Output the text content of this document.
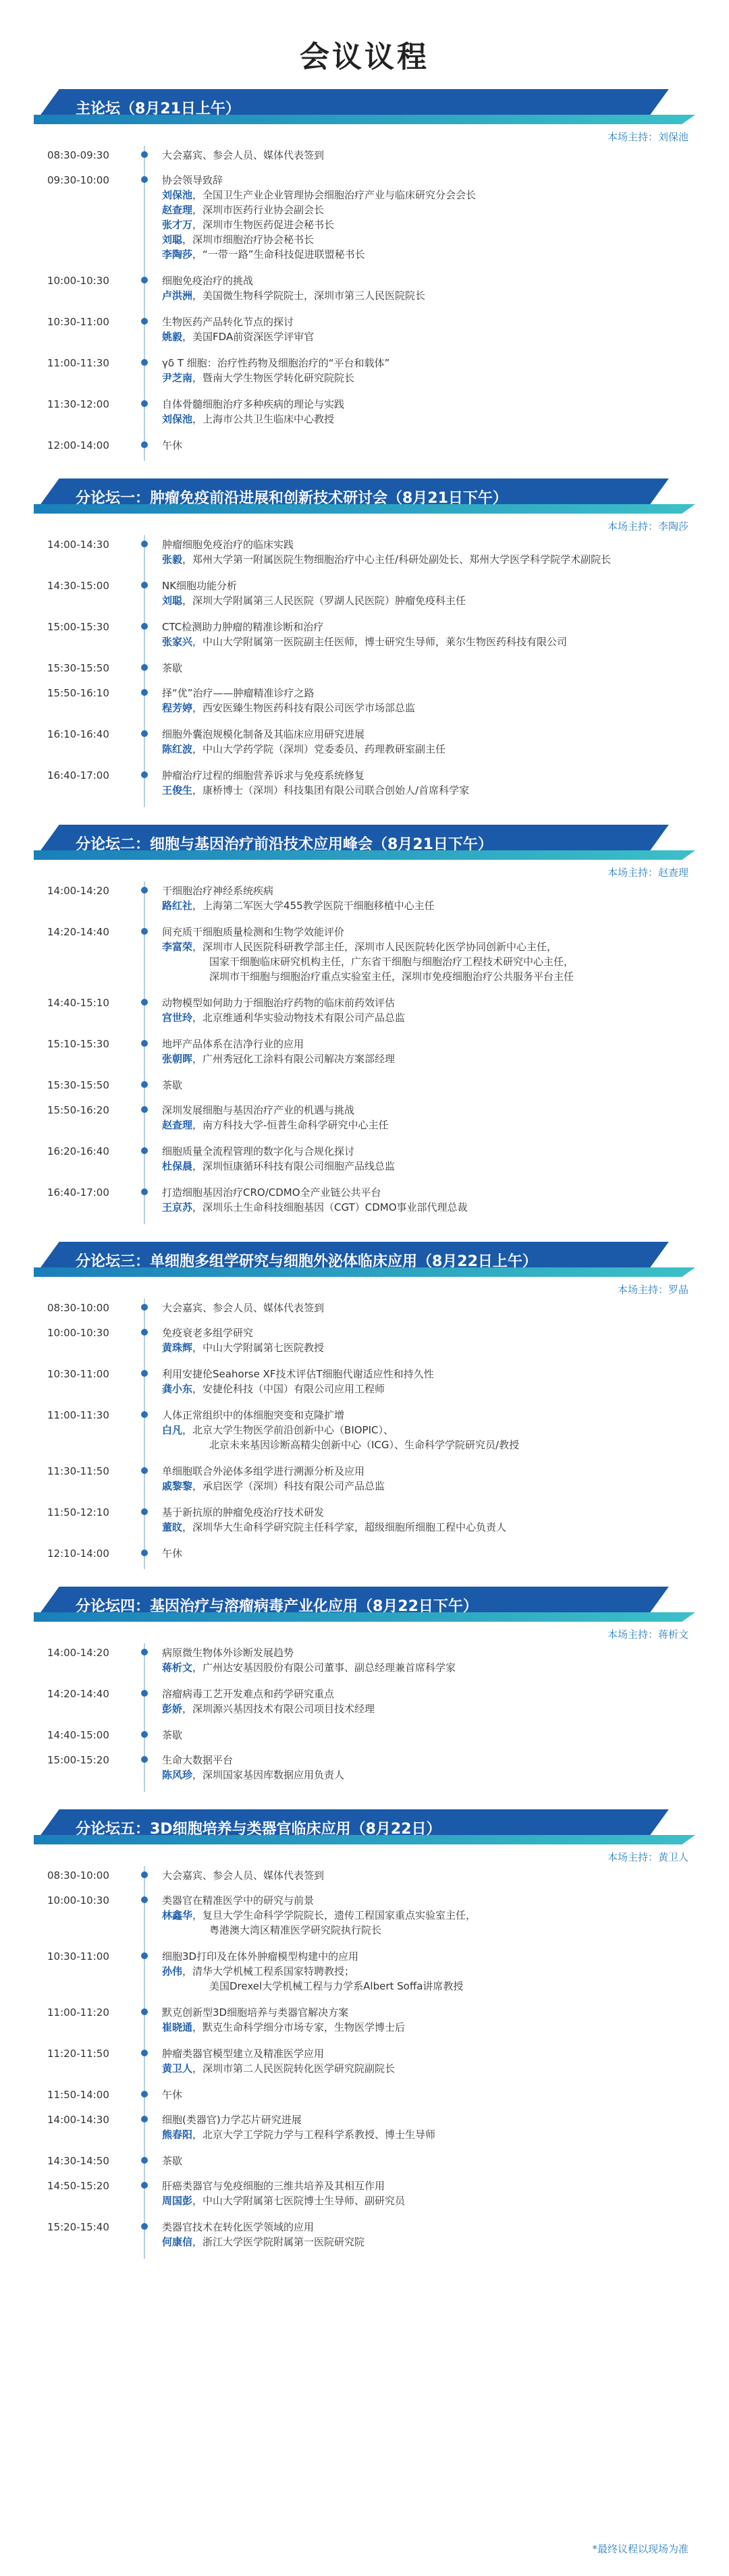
会议议程
主论坛（8月21日上午）
本场主持：刘保池
08:30-09:30	大会嘉宾、参会人员、媒体代表签到
09:30-10:00	协会领导致辞
刘保池，全国卫生产业企业管理协会细胞治疗产业与临床研究分会会长
赵查理，深圳市医药行业协会副会长
张才万，深圳市生物医药促进会秘书长
刘聪，深圳市细胞治疗协会秘书长
李陶莎，“一带一路”生命科技促进联盟秘书长
10:00-10:30	细胞免疫治疗的挑战
卢洪洲，美国微生物科学院院士，深圳市第三人民医院院长
10:30-11:00	生物医药产品转化节点的探讨
姚毅，美国FDA前资深医学评审官
11:00-11:30	γδ T 细胞：治疗性药物及细胞治疗的“平台和载体”
尹芝南，暨南大学生物医学转化研究院院长
11:30-12:00	自体骨髓细胞治疗多种疾病的理论与实践
刘保池，上海市公共卫生临床中心教授
12:00-14:00	午休
分论坛一：肿瘤免疫前沿进展和创新技术研讨会（8月21日下午）
本场主持：李陶莎
14:00-14:30	肿瘤细胞免疫治疗的临床实践
张毅，郑州大学第一附属医院生物细胞治疗中心主任/科研处副处长、郑州大学医学科学院学术副院长
14:30-15:00	NK细胞功能分析
刘聪，深圳大学附属第三人民医院（罗湖人民医院）肿瘤免疫科主任
15:00-15:30	CTC检测助力肿瘤的精准诊断和治疗
张家兴，中山大学附属第一医院副主任医师，博士研究生导师，莱尔生物医药科技有限公司
15:30-15:50	茶歇
15:50-16:10	择“优”治疗——肿瘤精准诊疗之路
程芳婷，西安医臻生物医药科技有限公司医学市场部总监
16:10-16:40	细胞外囊泡规模化制备及其临床应用研究进展
陈红波，中山大学药学院（深圳）党委委员、药理教研室副主任
16:40-17:00	肿瘤治疗过程的细胞营养诉求与免疫系统修复
王俊生，康桥博士（深圳）科技集团有限公司联合创始人/首席科学家
分论坛二：细胞与基因治疗前沿技术应用峰会（8月21日下午）
本场主持：赵查理
14:00-14:20	干细胞治疗神经系统疾病
路红社，上海第二军医大学455教学医院干细胞移植中心主任
14:20-14:40	间充质干细胞质量检测和生物学效能评价
李富荣，深圳市人民医院科研教学部主任，深圳市人民医院转化医学协同创新中心主任，
国家干细胞临床研究机构主任，广东省干细胞与细胞治疗工程技术研究中心主任，
深圳市干细胞与细胞治疗重点实验室主任，深圳市免疫细胞治疗公共服务平台主任
14:40-15:10	动物模型如何助力于细胞治疗药物的临床前药效评估
宫世玲，北京维通利华实验动物技术有限公司产品总监
15:10-15:30	地坪产品体系在洁净行业的应用
张朝晖，广州秀冠化工涂料有限公司解决方案部经理
15:30-15:50	茶歇
15:50-16:20	深圳发展细胞与基因治疗产业的机遇与挑战
赵查理，南方科技大学-恒普生命科学研究中心主任
16:20-16:40	细胞质量全流程管理的数字化与合规化探讨
杜保晨，深圳恒康循环科技有限公司细胞产品线总监
16:40-17:00	打造细胞基因治疗CRO/CDMO全产业链公共平台
王京苏，深圳乐土生命科技细胞基因（CGT）CDMO事业部代理总裁
分论坛三：单细胞多组学研究与细胞外泌体临床应用（8月22日上午）
本场主持：罗晶
08:30-10:00	大会嘉宾、参会人员、媒体代表签到
10:00-10:30	免疫衰老多组学研究
黄珠辉，中山大学附属第七医院教授
10:30-11:00	利用安捷伦Seahorse XF技术评估T细胞代谢适应性和持久性
龚小东，安捷伦科技（中国）有限公司应用工程师
11:00-11:30	人体正常组织中的体细胞突变和克隆扩增
白凡，北京大学生物医学前沿创新中心（BIOPIC）、
北京未来基因诊断高精尖创新中心（ICG）、生命科学学院研究员/教授
11:30-11:50	单细胞联合外泌体多组学进行溯源分析及应用
戚黎黎，承启医学（深圳）科技有限公司产品总监
11:50-12:10	基于新抗原的肿瘤免疫治疗技术研发
董旼，深圳华大生命科学研究院主任科学家，超级细胞所细胞工程中心负责人
12:10-14:00	午休
分论坛四：基因治疗与溶瘤病毒产业化应用（8月22日下午）
本场主持：蒋析文
14:00-14:20	病原微生物体外诊断发展趋势
蒋析文，广州达安基因股份有限公司董事、副总经理兼首席科学家
14:20-14:40	溶瘤病毒工艺开发难点和药学研究重点
彭娇，深圳源兴基因技术有限公司项目技术经理
14:40-15:00	茶歇
15:00-15:20	生命大数据平台
陈风珍，深圳国家基因库数据应用负责人
分论坛五：3D细胞培养与类器官临床应用（8月22日）
本场主持：黄卫人
08:30-10:00	大会嘉宾、参会人员、媒体代表签到
10:00-10:30	类器官在精准医学中的研究与前景
林鑫华，复旦大学生命科学学院院长，遗传工程国家重点实验室主任，
粤港澳大湾区精准医学研究院执行院长
10:30-11:00	细胞3D打印及在体外肿瘤模型构建中的应用
孙伟，清华大学机械工程系国家特聘教授；
美国Drexel大学机械工程与力学系Albert Soffa讲席教授
11:00-11:20	默克创新型3D细胞培养与类器官解决方案
崔晓通，默克生命科学细分市场专家，生物医学博士后
11:20-11:50	肿瘤类器官模型建立及精准医学应用
黄卫人，深圳市第二人民医院转化医学研究院副院长
11:50-14:00	午休
14:00-14:30	细胞(类器官)力学芯片研究进展
熊春阳，北京大学工学院力学与工程科学系教授、博士生导师
14:30-14:50	茶歇
14:50-15:20	肝癌类器官与免疫细胞的三维共培养及其相互作用
周国彭，中山大学附属第七医院博士生导师、副研究员
15:20-15:40	类器官技术在转化医学领域的应用
何康信，浙江大学医学院附属第一医院研究院
*最终议程以现场为准
